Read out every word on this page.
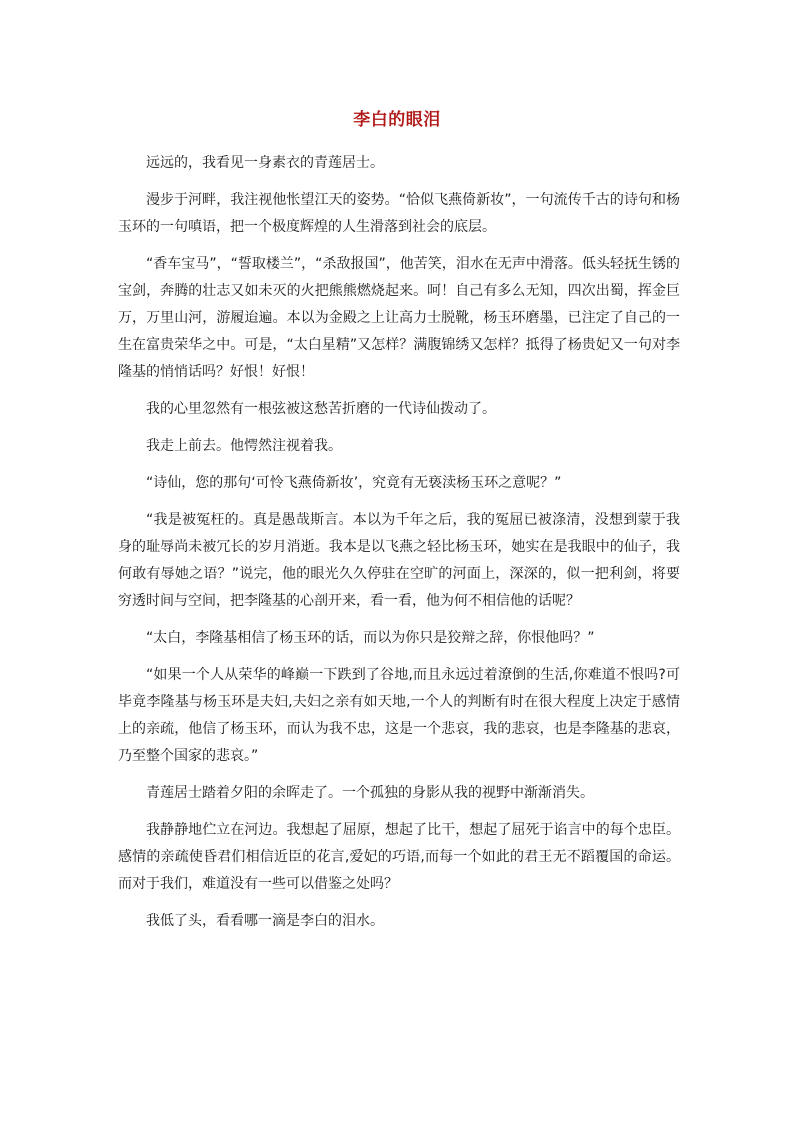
李白的眼泪

远远的，我看见一身素衣的青莲居士。

漫步于河畔，我注视他怅望江天的姿势。“恰似飞燕倚新妆”，一句流传千古的诗句和杨玉环的一句嗔语，把一个极度辉煌的人生滑落到社会的底层。

“香车宝马”，“誓取楼兰”，“杀敌报国”，他苦笑，泪水在无声中滑落。低头轻抚生锈的宝剑，奔腾的壮志又如未灭的火把熊熊燃烧起来。呵！自己有多么无知，四次出蜀，挥金巨万，万里山河，游履迨遍。本以为金殿之上让高力士脱靴，杨玉环磨墨，已注定了自己的一生在富贵荣华之中。可是，“太白星精”又怎样？满腹锦绣又怎样？抵得了杨贵妃又一句对李隆基的悄悄话吗？好恨！好恨！

我的心里忽然有一根弦被这愁苦折磨的一代诗仙拨动了。

我走上前去。他愕然注视着我。

“诗仙，您的那句‘可怜飞燕倚新妆’，究竟有无亵渎杨玉环之意呢？”

“我是被冤枉的。真是愚哉斯言。本以为千年之后，我的冤屈已被涤清，没想到蒙于我身的耻辱尚未被冗长的岁月消逝。我本是以飞燕之轻比杨玉环，她实在是我眼中的仙子，我何敢有辱她之语？”说完，他的眼光久久停驻在空旷的河面上，深深的，似一把利剑，将要穷透时间与空间，把李隆基的心剖开来，看一看，他为何不相信他的话呢？

“太白，李隆基相信了杨玉环的话，而以为你只是狡辩之辞，你恨他吗？”

“如果一个人从荣华的峰巅一下跌到了谷地,而且永远过着潦倒的生活,你难道不恨吗?可毕竟李隆基与杨玉环是夫妇,夫妇之亲有如天地,一个人的判断有时在很大程度上决定于感情上的亲疏，他信了杨玉环，而认为我不忠，这是一个悲哀，我的悲哀，也是李隆基的悲哀，乃至整个国家的悲哀。”

青莲居士踏着夕阳的余晖走了。一个孤独的身影从我的视野中渐渐消失。

我静静地伫立在河边。我想起了屈原，想起了比干，想起了屈死于谄言中的每个忠臣。感情的亲疏使昏君们相信近臣的花言,爱妃的巧语,而每一个如此的君王无不蹈覆国的命运。而对于我们，难道没有一些可以借鉴之处吗？

我低了头，看看哪一滴是李白的泪水。
